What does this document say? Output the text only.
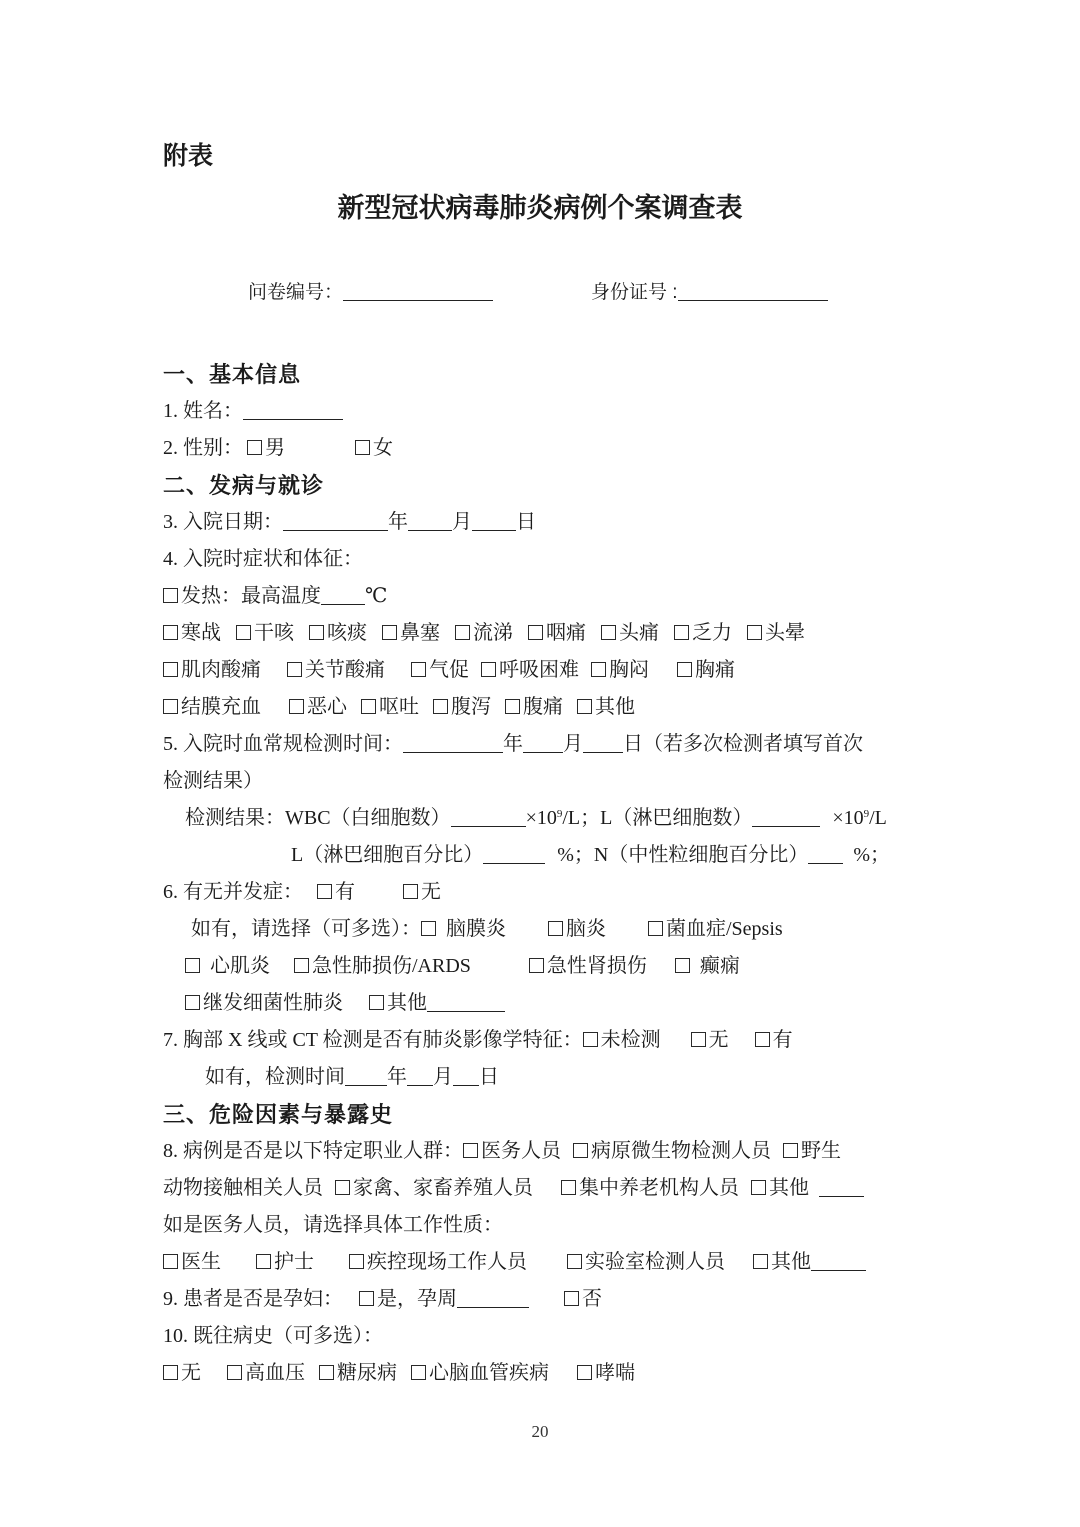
附表
新型冠状病毒肺炎病例个案调查表
问卷编号：	身份证号 :
一、基本信息
1. 姓名：
2. 性别： 男	女
二、发病与就诊
3. 入院日期：	年 月 日
4. 入院时症状和体征：
发热：最高温度 ℃
寒战 干咳 咳痰 鼻塞 流涕 咽痛 头痛 乏力 头晕
肌肉酸痛 关节酸痛 气促 呼吸困难 胸闷 胸痛
结膜充血 恶心 呕吐 腹泻 腹痛 其他
5. 入院时血常规检测时间：	年 月 日（若多次检测者填写首次
检测结果）
检测结果：WBC（白细胞数）	$\times 10^9/L$；L（淋巴细胞数）	$\times 10^9/L$
L（淋巴细胞百分比）	%；N（中性粒细胞百分比） %；
6. 有无并发症： 有	无
如有，请选择（可多选）： 脑膜炎	脑炎	菌血症/Sepsis
心肌炎 急性肺损伤/ARDS	急性肾损伤	癫痫
继发细菌性肺炎 其他
7. 胸部 X 线或 CT 检测是否有肺炎影像学特征： 未检测 无 有
如有，检测时间 年 月 日
三、危险因素与暴露史
8. 病例是否是以下特定职业人群： 医务人员 病原微生物检测人员 野生
动物接触相关人员 家禽、家畜养殖人员 集中养老机构人员 其他
如是医务人员，请选择具体工作性质：
医生	护士	疾控现场工作人员	实验室检测人员 其他
9. 患者是否是孕妇： 是，孕周	否
10. 既往病史（可多选）：
无 高血压 糖尿病 心脑血管疾病 哮喘
20
